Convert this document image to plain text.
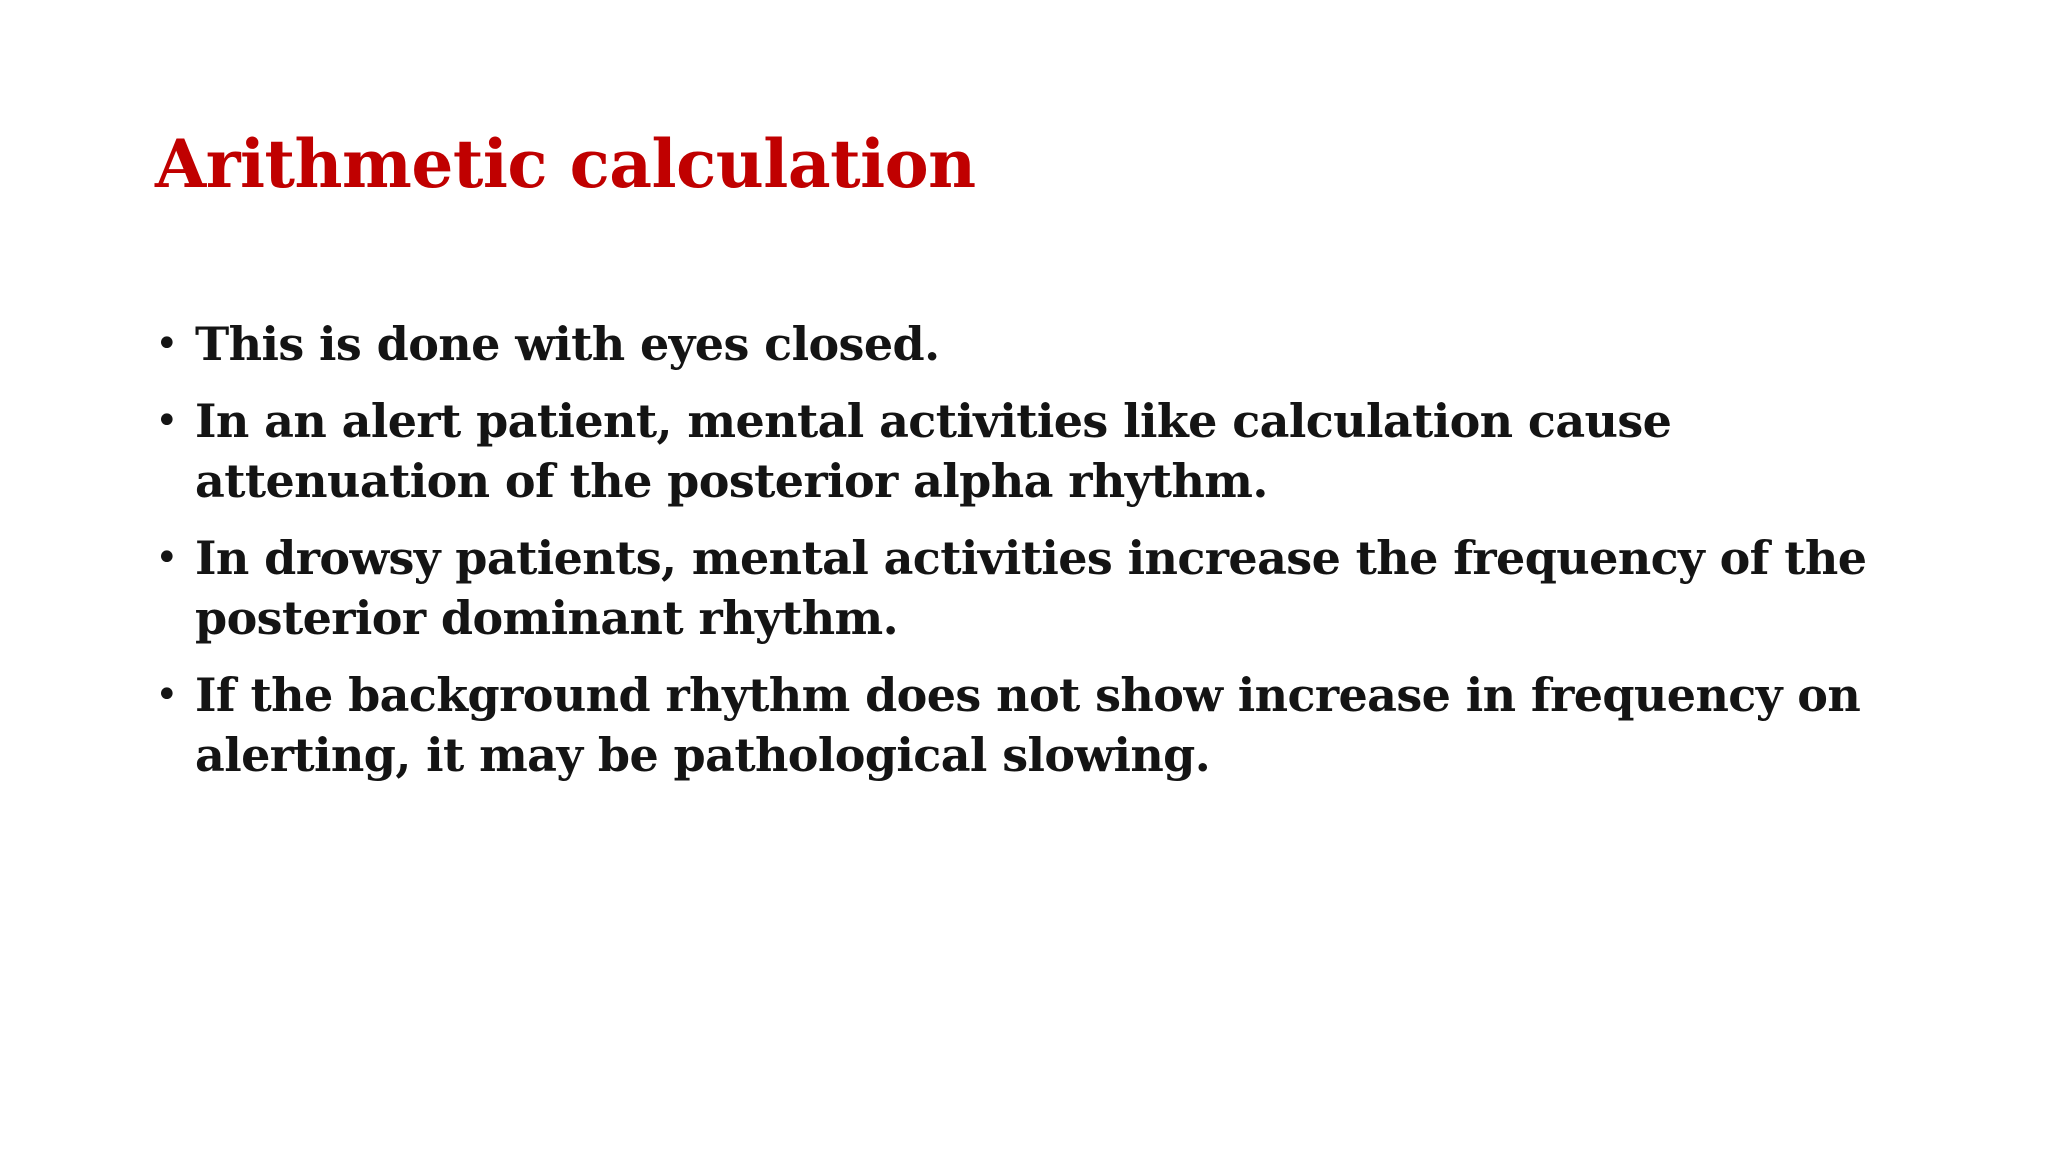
Arithmetic calculation
• This is done with eyes closed.
• In an alert patient, mental activities like calculation cause attenuation of the posterior alpha rhythm.
• In drowsy patients, mental activities increase the frequency of the posterior dominant rhythm.
• If the background rhythm does not show increase in frequency on alerting, it may be pathological slowing.
